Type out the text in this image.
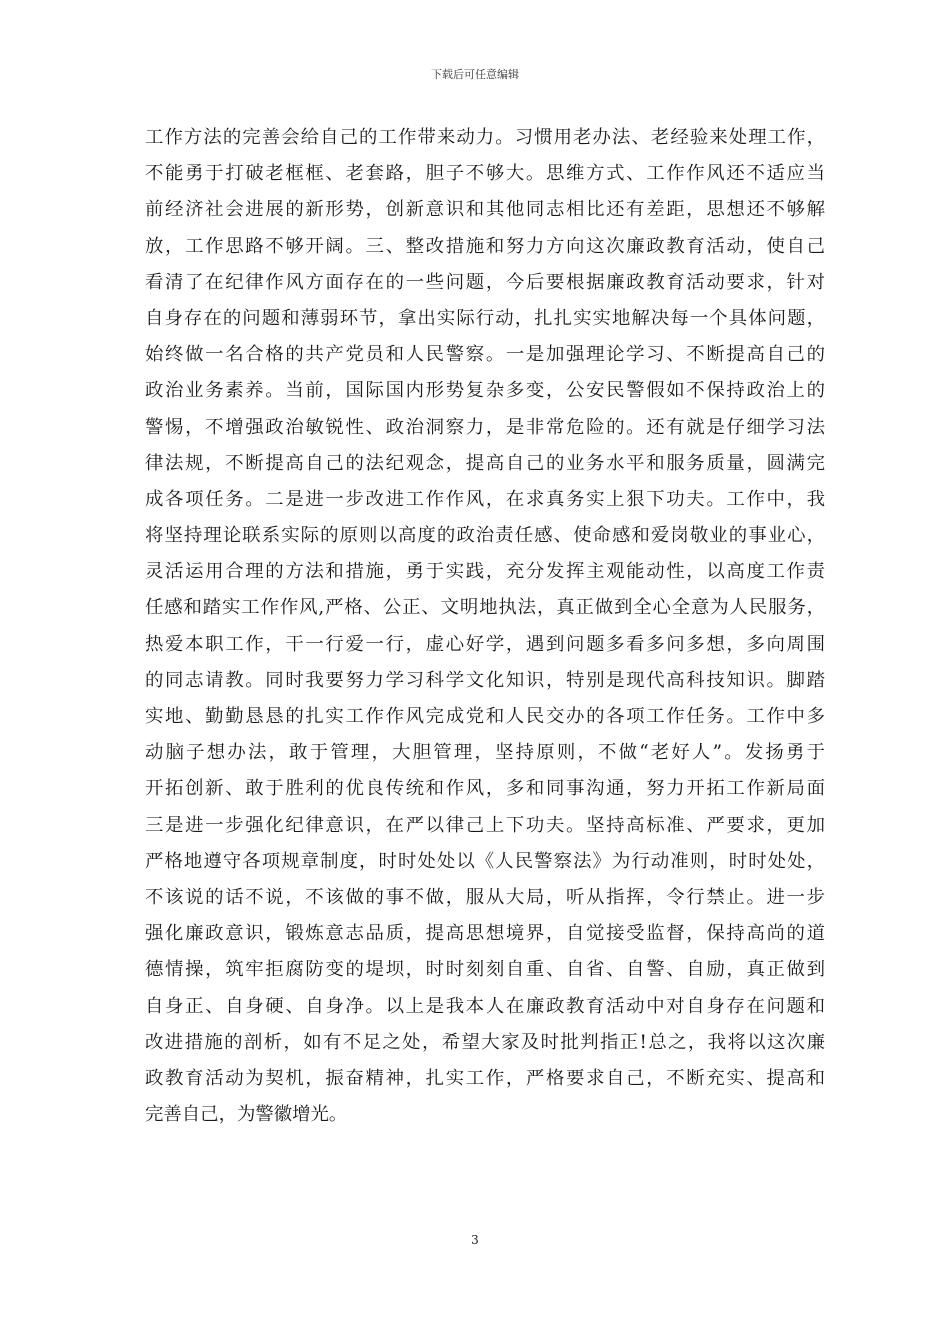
下载后可任意编辑
工作方法的完善会给自己的工作带来动力。习惯用老办法、老经验来处理工作，
不能勇于打破老框框、老套路，胆子不够大。思维方式、工作作风还不适应当
前经济社会进展的新形势，创新意识和其他同志相比还有差距，思想还不够解
放，工作思路不够开阔。三、整改措施和努力方向这次廉政教育活动，使自己
看清了在纪律作风方面存在的一些问题，今后要根据廉政教育活动要求，针对
自身存在的问题和薄弱环节，拿出实际行动，扎扎实实地解决每一个具体问题，
始终做一名合格的共产党员和人民警察。一是加强理论学习、不断提高自己的
政治业务素养。当前，国际国内形势复杂多变，公安民警假如不保持政治上的
警惕，不增强政治敏锐性、政治洞察力，是非常危险的。还有就是仔细学习法
律法规，不断提高自己的法纪观念，提高自己的业务水平和服务质量，圆满完
成各项任务。二是进一步改进工作作风，在求真务实上狠下功夫。工作中，我
将坚持理论联系实际的原则以高度的政治责任感、使命感和爱岗敬业的事业心，
灵活运用合理的方法和措施，勇于实践，充分发挥主观能动性，以高度工作责
任感和踏实工作作风,严格、公正、文明地执法，真正做到全心全意为人民服务，
热爱本职工作，干一行爱一行，虚心好学，遇到问题多看多问多想，多向周围
的同志请教。同时我要努力学习科学文化知识，特别是现代高科技知识。脚踏
实地、勤勤恳恳的扎实工作作风完成党和人民交办的各项工作任务。工作中多
动脑子想办法，敢于管理，大胆管理，坚持原则，不做“老好人”。发扬勇于
开拓创新、敢于胜利的优良传统和作风，多和同事沟通，努力开拓工作新局面
三是进一步强化纪律意识，在严以律己上下功夫。坚持高标准、严要求，更加
严格地遵守各项规章制度，时时处处以《人民警察法》为行动准则，时时处处，
不该说的话不说，不该做的事不做，服从大局，听从指挥，令行禁止。进一步
强化廉政意识，锻炼意志品质，提高思想境界，自觉接受监督，保持高尚的道
德情操，筑牢拒腐防变的堤坝，时时刻刻自重、自省、自警、自励，真正做到
自身正、自身硬、自身净。以上是我本人在廉政教育活动中对自身存在问题和
改进措施的剖析，如有不足之处，希望大家及时批判指正!总之，我将以这次廉
政教育活动为契机，振奋精神，扎实工作，严格要求自己，不断充实、提高和
完善自己，为警徽增光。
3
